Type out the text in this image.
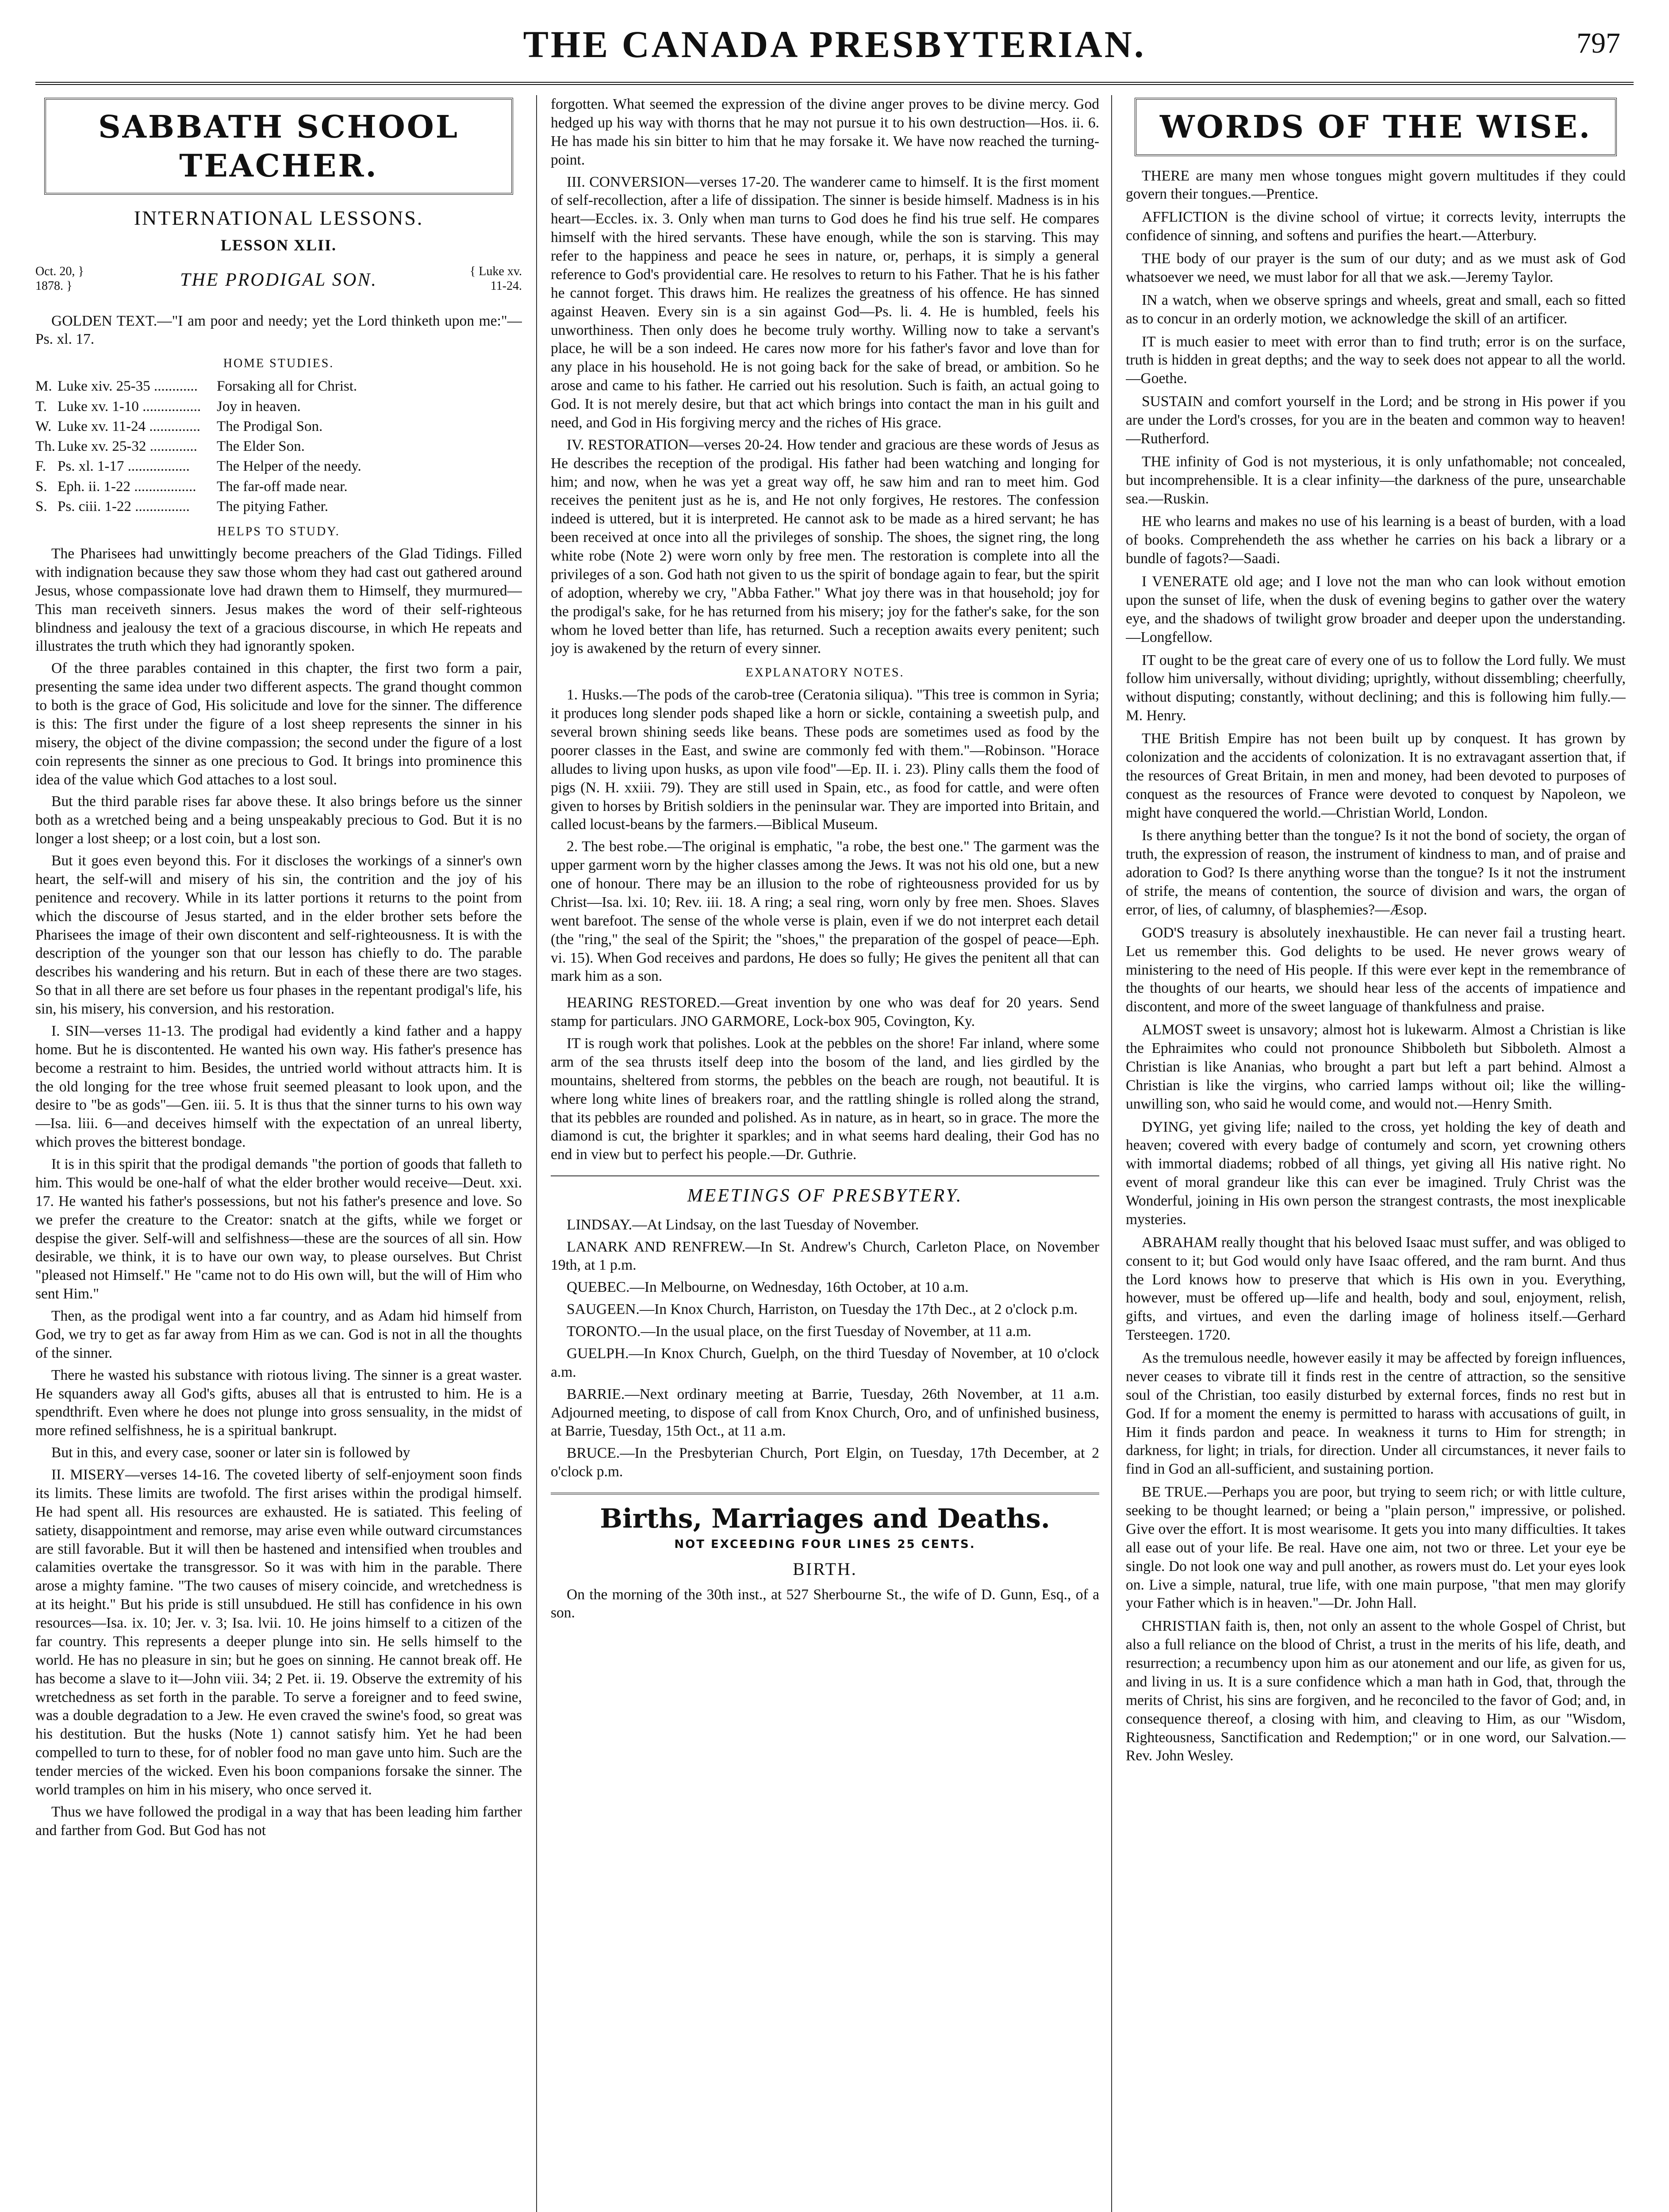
THE CANADA PRESBYTERIAN.	797
SABBATH SCHOOL TEACHER.
INTERNATIONAL LESSONS.
LESSON XLII.
Oct. 20, }
1878. }	THE PRODIGAL SON.	{ Luke xv.
11-24.
GOLDEN TEXT.—"I am poor and needy; yet the Lord thinketh upon me:"—Ps. xl. 17.
HOME STUDIES.
M.	Luke xiv. 25-35 ............	Forsaking all for Christ.
T.	Luke xv. 1-10 ................	Joy in heaven.
W.	Luke xv. 11-24 ..............	The Prodigal Son.
Th.	Luke xv. 25-32 .............	The Elder Son.
F.	Ps. xl. 1-17 .................	The Helper of the needy.
S.	Eph. ii. 1-22 .................	The far-off made near.
S.	Ps. ciii. 1-22 ...............	The pitying Father.
HELPS TO STUDY.
The Pharisees had unwittingly become preachers of the Glad Tidings. Filled with indignation because they saw those whom they had cast out gathered around Jesus, whose compassionate love had drawn them to Himself, they murmured—This man receiveth sinners. Jesus makes the word of their self-righteous blindness and jealousy the text of a gracious discourse, in which He repeats and illustrates the truth which they had ignorantly spoken.
Of the three parables contained in this chapter, the first two form a pair, presenting the same idea under two different aspects. The grand thought common to both is the grace of God, His solicitude and love for the sinner. The difference is this: The first under the figure of a lost sheep represents the sinner in his misery, the object of the divine compassion; the second under the figure of a lost coin represents the sinner as one precious to God. It brings into prominence this idea of the value which God attaches to a lost soul.
But the third parable rises far above these. It also brings before us the sinner both as a wretched being and a being unspeakably precious to God. But it is no longer a lost sheep; or a lost coin, but a lost son.
But it goes even beyond this. For it discloses the workings of a sinner's own heart, the self-will and misery of his sin, the contrition and the joy of his penitence and recovery. While in its latter portions it returns to the point from which the discourse of Jesus started, and in the elder brother sets before the Pharisees the image of their own discontent and self-righteousness. It is with the description of the younger son that our lesson has chiefly to do. The parable describes his wandering and his return. But in each of these there are two stages. So that in all there are set before us four phases in the repentant prodigal's life, his sin, his misery, his conversion, and his restoration.
I. SIN—verses 11-13. The prodigal had evidently a kind father and a happy home. But he is discontented. He wanted his own way. His father's presence has become a restraint to him. Besides, the untried world without attracts him. It is the old longing for the tree whose fruit seemed pleasant to look upon, and the desire to "be as gods"—Gen. iii. 5. It is thus that the sinner turns to his own way—Isa. liii. 6—and deceives himself with the expectation of an unreal liberty, which proves the bitterest bondage.
It is in this spirit that the prodigal demands "the portion of goods that falleth to him. This would be one-half of what the elder brother would receive—Deut. xxi. 17. He wanted his father's possessions, but not his father's presence and love. So we prefer the creature to the Creator: snatch at the gifts, while we forget or despise the giver. Self-will and selfishness—these are the sources of all sin. How desirable, we think, it is to have our own way, to please ourselves. But Christ "pleased not Himself." He "came not to do His own will, but the will of Him who sent Him."
Then, as the prodigal went into a far country, and as Adam hid himself from God, we try to get as far away from Him as we can. God is not in all the thoughts of the sinner.
There he wasted his substance with riotous living. The sinner is a great waster. He squanders away all God's gifts, abuses all that is entrusted to him. He is a spendthrift. Even where he does not plunge into gross sensuality, in the midst of more refined selfishness, he is a spiritual bankrupt.
But in this, and every case, sooner or later sin is followed by
II. MISERY—verses 14-16. The coveted liberty of self-enjoyment soon finds its limits. These limits are twofold. The first arises within the prodigal himself. He had spent all. His resources are exhausted. He is satiated. This feeling of satiety, disappointment and remorse, may arise even while outward circumstances are still favorable. But it will then be hastened and intensified when troubles and calamities overtake the transgressor. So it was with him in the parable. There arose a mighty famine. "The two causes of misery coincide, and wretchedness is at its height." But his pride is still unsubdued. He still has confidence in his own resources—Isa. ix. 10; Jer. v. 3; Isa. lvii. 10. He joins himself to a citizen of the far country. This represents a deeper plunge into sin. He sells himself to the world. He has no pleasure in sin; but he goes on sinning. He cannot break off. He has become a slave to it—John viii. 34; 2 Pet. ii. 19. Observe the extremity of his wretchedness as set forth in the parable. To serve a foreigner and to feed swine, was a double degradation to a Jew. He even craved the swine's food, so great was his destitution. But the husks (Note 1) cannot satisfy him. Yet he had been compelled to turn to these, for of nobler food no man gave unto him. Such are the tender mercies of the wicked. Even his boon companions forsake the sinner. The world tramples on him in his misery, who once served it.
Thus we have followed the prodigal in a way that has been leading him farther and farther from God. But God has not
forgotten. What seemed the expression of the divine anger proves to be divine mercy. God hedged up his way with thorns that he may not pursue it to his own destruction—Hos. ii. 6. He has made his sin bitter to him that he may forsake it. We have now reached the turning-point.
III. CONVERSION—verses 17-20. The wanderer came to himself. It is the first moment of self-recollection, after a life of dissipation. The sinner is beside himself. Madness is in his heart—Eccles. ix. 3. Only when man turns to God does he find his true self. He compares himself with the hired servants. These have enough, while the son is starving. This may refer to the happiness and peace he sees in nature, or, perhaps, it is simply a general reference to God's providential care. He resolves to return to his Father. That he is his father he cannot forget. This draws him. He realizes the greatness of his offence. He has sinned against Heaven. Every sin is a sin against God—Ps. li. 4. He is humbled, feels his unworthiness. Then only does he become truly worthy. Willing now to take a servant's place, he will be a son indeed. He cares now more for his father's favor and love than for any place in his household. He is not going back for the sake of bread, or ambition. So he arose and came to his father. He carried out his resolution. Such is faith, an actual going to God. It is not merely desire, but that act which brings into contact the man in his guilt and need, and God in His forgiving mercy and the riches of His grace.
IV. RESTORATION—verses 20-24. How tender and gracious are these words of Jesus as He describes the reception of the prodigal. His father had been watching and longing for him; and now, when he was yet a great way off, he saw him and ran to meet him. God receives the penitent just as he is, and He not only forgives, He restores. The confession indeed is uttered, but it is interpreted. He cannot ask to be made as a hired servant; he has been received at once into all the privileges of sonship. The shoes, the signet ring, the long white robe (Note 2) were worn only by free men. The restoration is complete into all the privileges of a son. God hath not given to us the spirit of bondage again to fear, but the spirit of adoption, whereby we cry, "Abba Father." What joy there was in that household; joy for the prodigal's sake, for he has returned from his misery; joy for the father's sake, for the son whom he loved better than life, has returned. Such a reception awaits every penitent; such joy is awakened by the return of every sinner.
EXPLANATORY NOTES.
1. Husks.—The pods of the carob-tree (Ceratonia siliqua). "This tree is common in Syria; it produces long slender pods shaped like a horn or sickle, containing a sweetish pulp, and several brown shining seeds like beans. These pods are sometimes used as food by the poorer classes in the East, and swine are commonly fed with them."—Robinson. "Horace alludes to living upon husks, as upon vile food"—Ep. II. i. 23). Pliny calls them the food of pigs (N. H. xxiii. 79). They are still used in Spain, etc., as food for cattle, and were often given to horses by British soldiers in the peninsular war. They are imported into Britain, and called locust-beans by the farmers.—Biblical Museum.
2. The best robe.—The original is emphatic, "a robe, the best one." The garment was the upper garment worn by the higher classes among the Jews. It was not his old one, but a new one of honour. There may be an illusion to the robe of righteousness provided for us by Christ—Isa. lxi. 10; Rev. iii. 18. A ring; a seal ring, worn only by free men. Shoes. Slaves went barefoot. The sense of the whole verse is plain, even if we do not interpret each detail (the "ring," the seal of the Spirit; the "shoes," the preparation of the gospel of peace—Eph. vi. 15). When God receives and pardons, He does so fully; He gives the penitent all that can mark him as a son.
HEARING RESTORED.—Great invention by one who was deaf for 20 years. Send stamp for particulars. JNO GARMORE, Lock-box 905, Covington, Ky.
IT is rough work that polishes. Look at the pebbles on the shore! Far inland, where some arm of the sea thrusts itself deep into the bosom of the land, and lies girdled by the mountains, sheltered from storms, the pebbles on the beach are rough, not beautiful. It is where long white lines of breakers roar, and the rattling shingle is rolled along the strand, that its pebbles are rounded and polished. As in nature, as in heart, so in grace. The more the diamond is cut, the brighter it sparkles; and in what seems hard dealing, their God has no end in view but to perfect his people.—Dr. Guthrie.
MEETINGS OF PRESBYTERY.
LINDSAY.—At Lindsay, on the last Tuesday of November.
LANARK AND RENFREW.—In St. Andrew's Church, Carleton Place, on November 19th, at 1 p.m.
QUEBEC.—In Melbourne, on Wednesday, 16th October, at 10 a.m.
SAUGEEN.—In Knox Church, Harriston, on Tuesday the 17th Dec., at 2 o'clock p.m.
TORONTO.—In the usual place, on the first Tuesday of November, at 11 a.m.
GUELPH.—In Knox Church, Guelph, on the third Tuesday of November, at 10 o'clock a.m.
BARRIE.—Next ordinary meeting at Barrie, Tuesday, 26th November, at 11 a.m. Adjourned meeting, to dispose of call from Knox Church, Oro, and of unfinished business, at Barrie, Tuesday, 15th Oct., at 11 a.m.
BRUCE.—In the Presbyterian Church, Port Elgin, on Tuesday, 17th December, at 2 o'clock p.m.
Births, Marriages and Deaths.
NOT EXCEEDING FOUR LINES 25 CENTS.
BIRTH.
On the morning of the 30th inst., at 527 Sherbourne St., the wife of D. Gunn, Esq., of a son.
WORDS OF THE WISE.
THERE are many men whose tongues might govern multitudes if they could govern their tongues.—Prentice.
AFFLICTION is the divine school of virtue; it corrects levity, interrupts the confidence of sinning, and softens and purifies the heart.—Atterbury.
THE body of our prayer is the sum of our duty; and as we must ask of God whatsoever we need, we must labor for all that we ask.—Jeremy Taylor.
IN a watch, when we observe springs and wheels, great and small, each so fitted as to concur in an orderly motion, we acknowledge the skill of an artificer.
IT is much easier to meet with error than to find truth; error is on the surface, truth is hidden in great depths; and the way to seek does not appear to all the world.—Goethe.
SUSTAIN and comfort yourself in the Lord; and be strong in His power if you are under the Lord's crosses, for you are in the beaten and common way to heaven!—Rutherford.
THE infinity of God is not mysterious, it is only unfathomable; not concealed, but incomprehensible. It is a clear infinity—the darkness of the pure, unsearchable sea.—Ruskin.
HE who learns and makes no use of his learning is a beast of burden, with a load of books. Comprehendeth the ass whether he carries on his back a library or a bundle of fagots?—Saadi.
I VENERATE old age; and I love not the man who can look without emotion upon the sunset of life, when the dusk of evening begins to gather over the watery eye, and the shadows of twilight grow broader and deeper upon the understanding.—Longfellow.
IT ought to be the great care of every one of us to follow the Lord fully. We must follow him universally, without dividing; uprightly, without dissembling; cheerfully, without disputing; constantly, without declining; and this is following him fully.—M. Henry.
THE British Empire has not been built up by conquest. It has grown by colonization and the accidents of colonization. It is no extravagant assertion that, if the resources of Great Britain, in men and money, had been devoted to purposes of conquest as the resources of France were devoted to conquest by Napoleon, we might have conquered the world.—Christian World, London.
Is there anything better than the tongue? Is it not the bond of society, the organ of truth, the expression of reason, the instrument of kindness to man, and of praise and adoration to God? Is there anything worse than the tongue? Is it not the instrument of strife, the means of contention, the source of division and wars, the organ of error, of lies, of calumny, of blasphemies?—Æsop.
GOD'S treasury is absolutely inexhaustible. He can never fail a trusting heart. Let us remember this. God delights to be used. He never grows weary of ministering to the need of His people. If this were ever kept in the remembrance of the thoughts of our hearts, we should hear less of the accents of impatience and discontent, and more of the sweet language of thankfulness and praise.
ALMOST sweet is unsavory; almost hot is lukewarm. Almost a Christian is like the Ephraimites who could not pronounce Shibboleth but Sibboleth. Almost a Christian is like Ananias, who brought a part but left a part behind. Almost a Christian is like the virgins, who carried lamps without oil; like the willing-unwilling son, who said he would come, and would not.—Henry Smith.
DYING, yet giving life; nailed to the cross, yet holding the key of death and heaven; covered with every badge of contumely and scorn, yet crowning others with immortal diadems; robbed of all things, yet giving all His native right. No event of moral grandeur like this can ever be imagined. Truly Christ was the Wonderful, joining in His own person the strangest contrasts, the most inexplicable mysteries.
ABRAHAM really thought that his beloved Isaac must suffer, and was obliged to consent to it; but God would only have Isaac offered, and the ram burnt. And thus the Lord knows how to preserve that which is His own in you. Everything, however, must be offered up—life and health, body and soul, enjoyment, relish, gifts, and virtues, and even the darling image of holiness itself.—Gerhard Tersteegen. 1720.
As the tremulous needle, however easily it may be affected by foreign influences, never ceases to vibrate till it finds rest in the centre of attraction, so the sensitive soul of the Christian, too easily disturbed by external forces, finds no rest but in God. If for a moment the enemy is permitted to harass with accusations of guilt, in Him it finds pardon and peace. In weakness it turns to Him for strength; in darkness, for light; in trials, for direction. Under all circumstances, it never fails to find in God an all-sufficient, and sustaining portion.
BE TRUE.—Perhaps you are poor, but trying to seem rich; or with little culture, seeking to be thought learned; or being a "plain person," impressive, or polished. Give over the effort. It is most wearisome. It gets you into many difficulties. It takes all ease out of your life. Be real. Have one aim, not two or three. Let your eye be single. Do not look one way and pull another, as rowers must do. Let your eyes look on. Live a simple, natural, true life, with one main purpose, "that men may glorify your Father which is in heaven."—Dr. John Hall.
CHRISTIAN faith is, then, not only an assent to the whole Gospel of Christ, but also a full reliance on the blood of Christ, a trust in the merits of his life, death, and resurrection; a recumbency upon him as our atonement and our life, as given for us, and living in us. It is a sure confidence which a man hath in God, that, through the merits of Christ, his sins are forgiven, and he reconciled to the favor of God; and, in consequence thereof, a closing with him, and cleaving to Him, as our "Wisdom, Righteousness, Sanctification and Redemption;" or in one word, our Salvation.—Rev. John Wesley.
